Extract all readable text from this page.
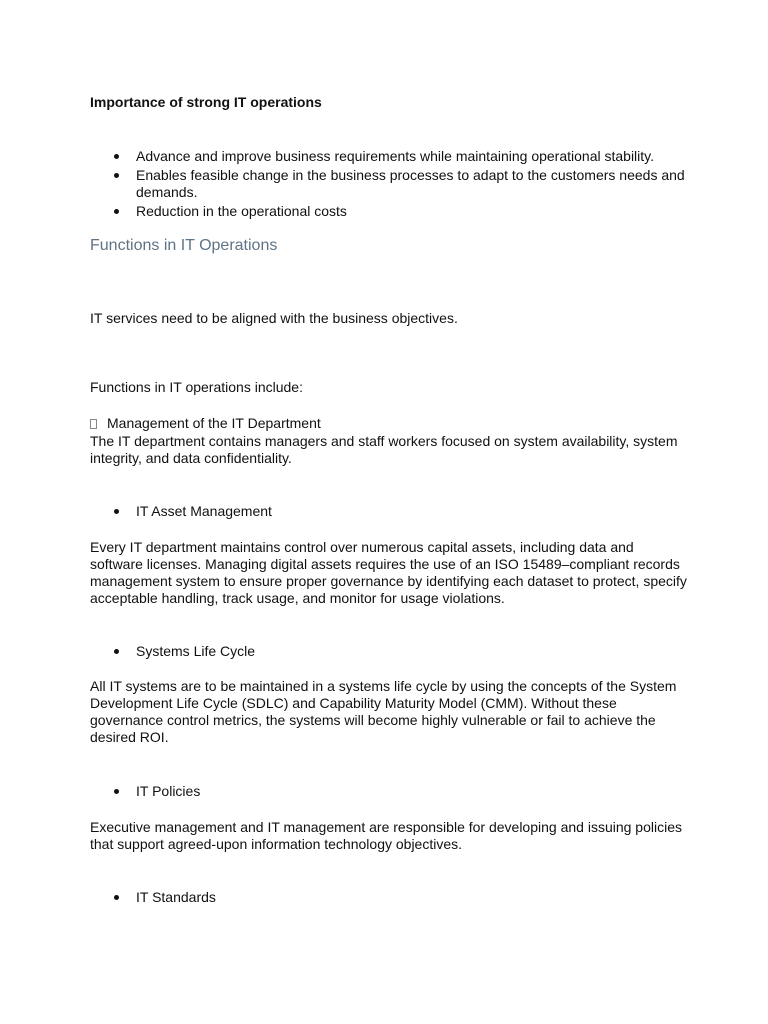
Importance of strong IT operations
Advance and improve business requirements while maintaining operational stability.
Enables feasible change in the business processes to adapt to the customers needs and demands.
Reduction in the operational costs
Functions in IT Operations

IT services need to be aligned with the business objectives.

Functions in IT operations include:

Management of the IT Department

The IT department contains managers and staff workers focused on system availability, system integrity, and data confidentiality.

IT Asset Management

Every IT department maintains control over numerous capital assets, including data and software licenses. Managing digital assets requires the use of an ISO 15489–compliant records management system to ensure proper governance by identifying each dataset to protect, specify acceptable handling, track usage, and monitor for usage violations.

Systems Life Cycle

All IT systems are to be maintained in a systems life cycle by using the concepts of the System Development Life Cycle (SDLC) and Capability Maturity Model (CMM). Without these governance control metrics, the systems will become highly vulnerable or fail to achieve the desired ROI.

IT Policies

Executive management and IT management are responsible for developing and issuing policies that support agreed-upon information technology objectives.

IT Standards
